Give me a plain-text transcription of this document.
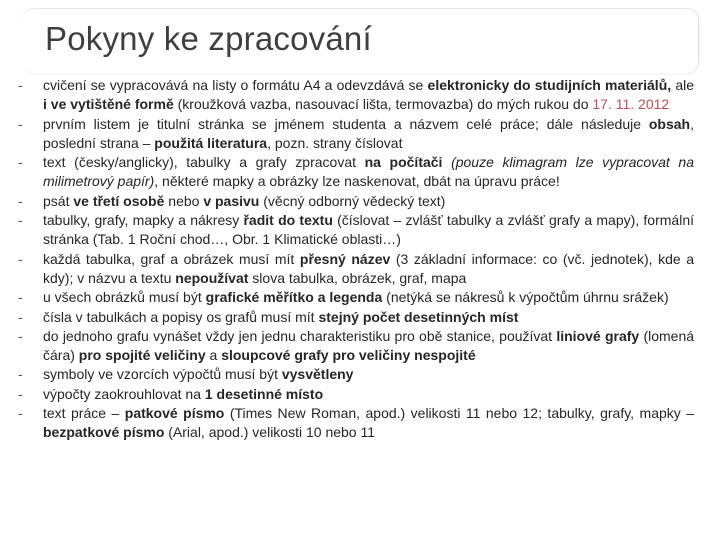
Pokyny ke zpracování
- cvičení se vypracovává na listy o formátu A4 a odevzdává se elektronicky do studijních materiálů, ale i ve vytištěné formě (kroužková vazba, nasouvací lišta, termovazba) do mých rukou do 17. 11. 2012
- prvním listem je titulní stránka se jménem studenta a názvem celé práce; dále následuje obsah, poslední strana – použitá literatura, pozn. strany číslovat
- text (česky/anglicky), tabulky a grafy zpracovat na počítači (pouze klimagram lze vypracovat na milimetrový papír), některé mapky a obrázky lze naskenovat, dbát na úpravu práce!
- psát ve třetí osobě nebo v pasivu (věcný odborný vědecký text)
- tabulky, grafy, mapky a nákresy řadit do textu (číslovat – zvlášť tabulky a zvlášť grafy a mapy), formální stránka (Tab. 1 Roční chod…, Obr. 1 Klimatické oblasti…)
- každá tabulka, graf a obrázek musí mít přesný název (3 základní informace: co (vč. jednotek), kde a kdy); v názvu a textu nepoužívat slova tabulka, obrázek, graf, mapa
- u všech obrázků musí být grafické měřítko a legenda (netýká se nákresů k výpočtům úhrnu srážek)
- čísla v tabulkách a popisy os grafů musí mít stejný počet desetinných míst
- do jednoho grafu vynášet vždy jen jednu charakteristiku pro obě stanice, používat liniové grafy (lomená čára) pro spojité veličiny a sloupcové grafy pro veličiny nespojité
- symboly ve vzorcích výpočtů musí být vysvětleny
- výpočty zaokrouhlovat na 1 desetinné místo
- text práce – patkové písmo (Times New Roman, apod.) velikosti 11 nebo 12; tabulky, grafy, mapky – bezpatkové písmo (Arial, apod.) velikosti 10 nebo 11
